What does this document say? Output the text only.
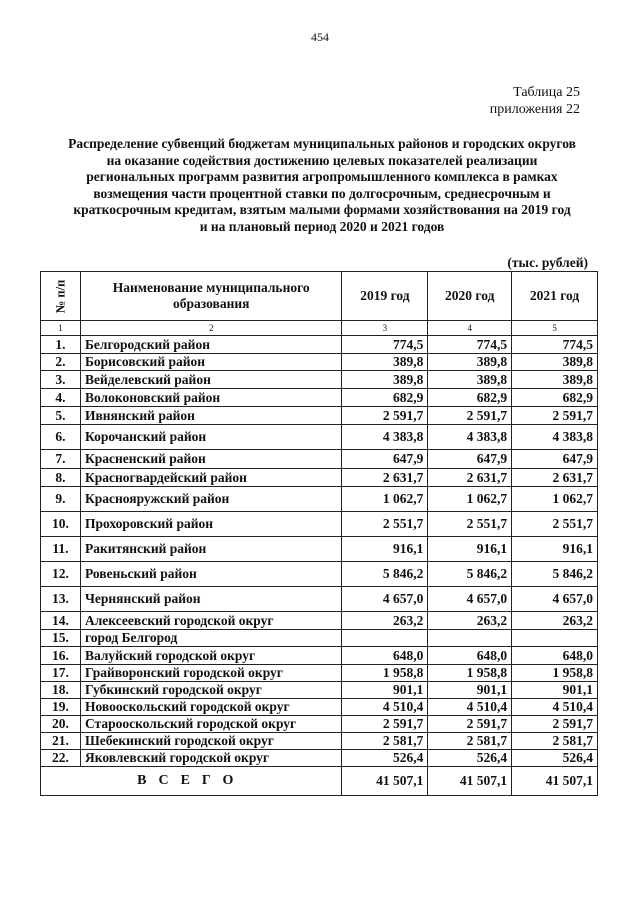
454
Таблица 25
приложения 22
Распределение субвенций бюджетам муниципальных районов и городских округов на оказание содействия достижению целевых показателей реализации региональных программ развития агропромышленного комплекса в рамках возмещения части процентной ставки по долгосрочным, среднесрочным и краткосрочным кредитам, взятым малыми формами хозяйствования на 2019 год и на плановый период 2020 и 2021 годов
(тыс. рублей)
№ п/п	Наименование муниципального образования	2019 год	2020 год	2021 год
1	2	3	4	5
1.	Белгородский район	774,5	774,5	774,5
2.	Борисовский район	389,8	389,8	389,8
3.	Вейделевский район	389,8	389,8	389,8
4.	Волоконовский район	682,9	682,9	682,9
5.	Ивнянский район	2 591,7	2 591,7	2 591,7
6.	Корочанский район	4 383,8	4 383,8	4 383,8
7.	Красненский район	647,9	647,9	647,9
8.	Красногвардейский район	2 631,7	2 631,7	2 631,7
9.	Краснояружский район	1 062,7	1 062,7	1 062,7
10.	Прохоровский район	2 551,7	2 551,7	2 551,7
11.	Ракитянский район	916,1	916,1	916,1
12.	Ровеньский район	5 846,2	5 846,2	5 846,2
13.	Чернянский район	4 657,0	4 657,0	4 657,0
14.	Алексеевский городской округ	263,2	263,2	263,2
15.	город Белгород			
16.	Валуйский городской округ	648,0	648,0	648,0
17.	Грайворонский городской округ	1 958,8	1 958,8	1 958,8
18.	Губкинский городской округ	901,1	901,1	901,1
19.	Новооскольский городской округ	4 510,4	4 510,4	4 510,4
20.	Старооскольский городской округ	2 591,7	2 591,7	2 591,7
21.	Шебекинский городской округ	2 581,7	2 581,7	2 581,7
22.	Яковлевский городской округ	526,4	526,4	526,4
ВСЕГО		41 507,1	41 507,1	41 507,1
